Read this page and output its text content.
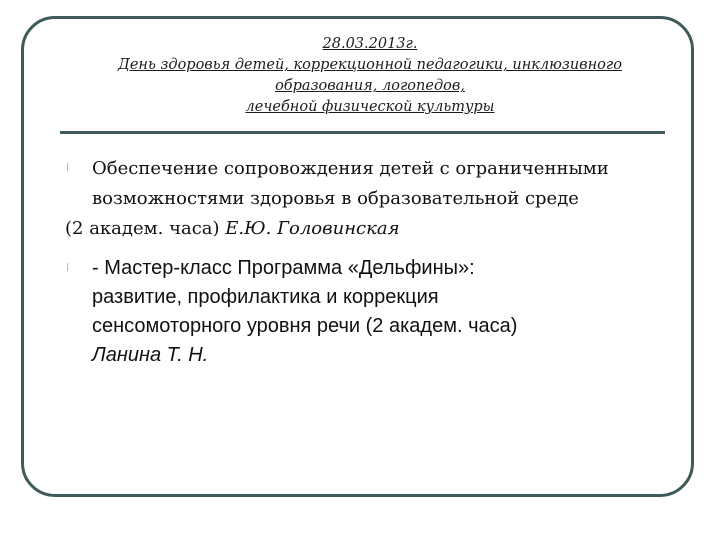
28.03.2013г.
День здоровья детей, коррекционной педагогики, инклюзивного
образования, логопедов,
лечебной физической культуры
l Обеспечение сопровождения детей с ограниченными
возможностями здоровья в образовательной среде
(2 академ. часа) Е.Ю. Головинская
l - Мастер-класс Программа «Дельфины»:
развитие, профилактика и коррекция
сенсомоторного уровня речи (2 академ. часа)
Ланина Т. Н.
